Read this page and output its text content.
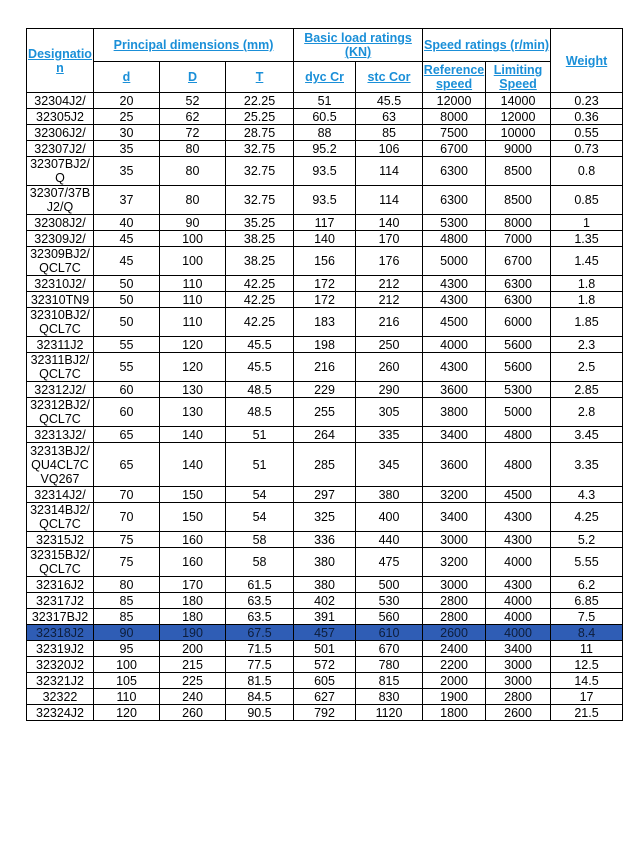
Designation	Principal dimensions (mm)			Basic load ratings (KN)		Speed ratings (r/min)		Weight
	d	D	T	dyc Cr	stc Cor	Reference speed	Limiting Speed	
32304J2/	20	52	22.25	51	45.5	12000	14000	0.23
32305J2	25	62	25.25	60.5	63	8000	12000	0.36
32306J2/	30	72	28.75	88	85	7500	10000	0.55
32307J2/	35	80	32.75	95.2	106	6700	9000	0.73
32307BJ2/Q	35	80	32.75	93.5	114	6300	8500	0.8
32307/37BJ2/Q	37	80	32.75	93.5	114	6300	8500	0.85
32308J2/	40	90	35.25	117	140	5300	8000	1
32309J2/	45	100	38.25	140	170	4800	7000	1.35
32309BJ2/QCL7C	45	100	38.25	156	176	5000	6700	1.45
32310J2/	50	110	42.25	172	212	4300	6300	1.8
32310TN9	50	110	42.25	172	212	4300	6300	1.8
32310BJ2/QCL7C	50	110	42.25	183	216	4500	6000	1.85
32311J2	55	120	45.5	198	250	4000	5600	2.3
32311BJ2/QCL7C	55	120	45.5	216	260	4300	5600	2.5
32312J2/	60	130	48.5	229	290	3600	5300	2.85
32312BJ2/QCL7C	60	130	48.5	255	305	3800	5000	2.8
32313J2/	65	140	51	264	335	3400	4800	3.45
32313BJ2/QU4CL7CVQ267	65	140	51	285	345	3600	4800	3.35
32314J2/	70	150	54	297	380	3200	4500	4.3
32314BJ2/QCL7C	70	150	54	325	400	3400	4300	4.25
32315J2	75	160	58	336	440	3000	4300	5.2
32315BJ2/QCL7C	75	160	58	380	475	3200	4000	5.55
32316J2	80	170	61.5	380	500	3000	4300	6.2
32317J2	85	180	63.5	402	530	2800	4000	6.85
32317BJ2	85	180	63.5	391	560	2800	4000	7.5
32318J2	90	190	67.5	457	610	2600	4000	8.4
32319J2	95	200	71.5	501	670	2400	3400	11
32320J2	100	215	77.5	572	780	2200	3000	12.5
32321J2	105	225	81.5	605	815	2000	3000	14.5
32322	110	240	84.5	627	830	1900	2800	17
32324J2	120	260	90.5	792	1120	1800	2600	21.5
